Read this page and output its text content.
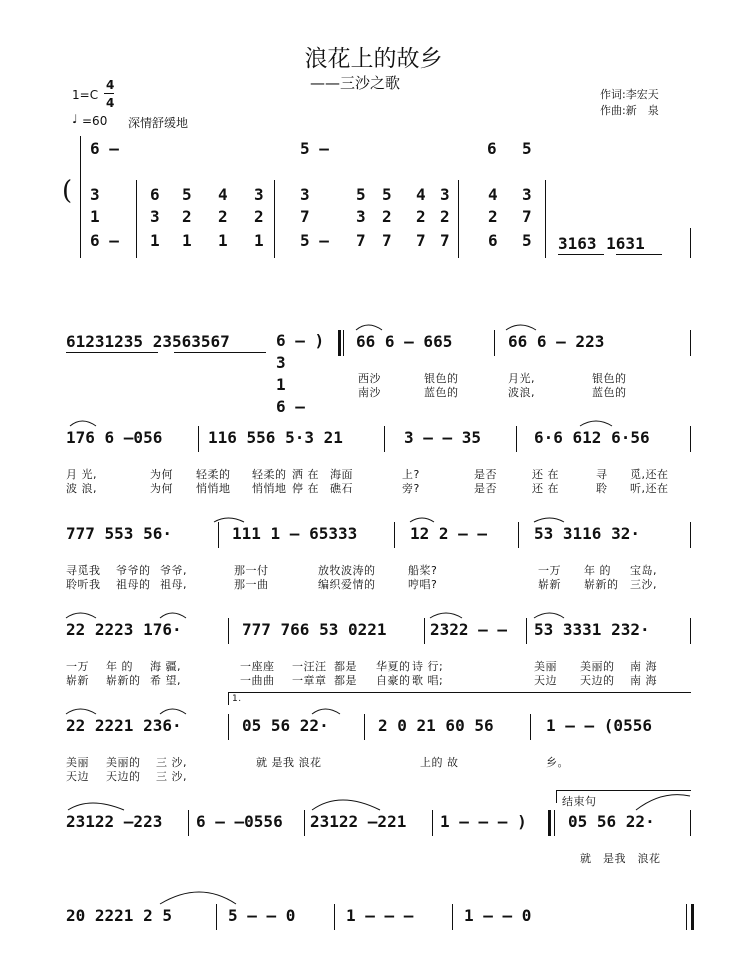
浪花上的故乡
——三沙之歌
1=C
4
4
♩ =60 深情舒缓地
作词:李宏天
作曲:新　泉
(
6 –	5 –	6 5
3	6 5 4 3 3	5 5 4 3 4 3
1	3 2 2 2 7	3 2 2 2 2 7
6 – 1 1 1 1 5 – 7 7 7 7 6 5 3163 1631
61231235 23563567	6 – )
3
1
6 –
66 6 – 665	66 6 – 223
西沙	银色的	月光,	银色的
南沙	蓝色的	波浪,	蓝色的
176 6 –056	116 556 5·3 21	3 – – 35	6·6 612 6·56
月 光,	为何 轻柔的 轻柔的 洒 在 海面	上?	是否	还 在	寻 觅,还在
波 浪,	为何 悄悄地 悄悄地 停 在 礁石	旁?	是否	还 在	聆 听,还在
777 553 56·	111 1 – 65333	12 2 – –	53 3116 32·
寻觅我 爷爷的 爷爷,	那一付	放牧波涛的	船桨?	一万 年 的 宝岛,
聆听我 祖母的 祖母,	那一曲	编织爱情的	哼唱?	崭新 崭新的 三沙,
22 2223 176·	777 766 53 0221	2322 – – 53 3331 232·
一万 年 的 海 疆,	一座座 一汪汪 都是 华夏的 诗 行;	美丽 美丽的 南 海
崭新 崭新的 希 望,	一曲曲 一章章 都是 自豪的 歌 唱;	天边 天边的 南 海
1.
22 2221 236·	05 56 22·	2 0 21 60 56	1 – – (0556
美丽 美丽的 三 沙,	就 是我 浪花	上的 故	乡。
天边 天边的 三 沙,
23122 –223 6 – –0556 23122 –221 1 – – – )
结束句
05 56 22·
就　是我　浪花
20 2221 2 5	5 – – 0	1 – – –	1 – – 0
